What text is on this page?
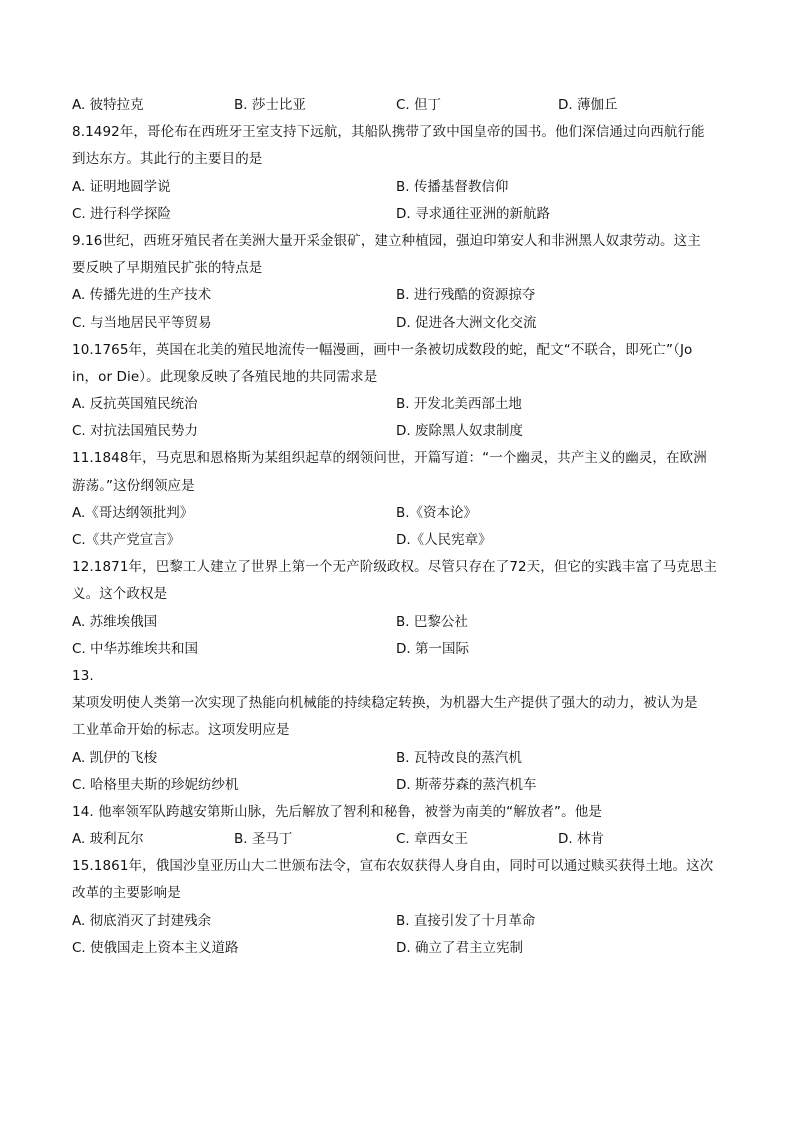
A. 彼特拉克	B. 莎士比亚	C. 但丁	D. 薄伽丘
8.1492年，哥伦布在西班牙王室支持下远航，其船队携带了致中国皇帝的国书。他们深信通过向西航行能
到达东方。其此行的主要目的是
A. 证明地圆学说	B. 传播基督教信仰
C. 进行科学探险	D. 寻求通往亚洲的新航路
9.16世纪，西班牙殖民者在美洲大量开采金银矿，建立种植园，强迫印第安人和非洲黑人奴隶劳动。这主
要反映了早期殖民扩张的特点是
A. 传播先进的生产技术	B. 进行残酷的资源掠夺
C. 与当地居民平等贸易	D. 促进各大洲文化交流
10.1765年，英国在北美的殖民地流传一幅漫画，画中一条被切成数段的蛇，配文“不联合，即死亡”（Jo
in，or Die）。此现象反映了各殖民地的共同需求是
A. 反抗英国殖民统治	B. 开发北美西部土地
C. 对抗法国殖民势力	D. 废除黑人奴隶制度
11.1848年，马克思和恩格斯为某组织起草的纲领问世，开篇写道：“一个幽灵，共产主义的幽灵，在欧洲
游荡。”这份纲领应是
A.《哥达纲领批判》	B.《资本论》
C.《共产党宣言》	D.《人民宪章》
12.1871年，巴黎工人建立了世界上第一个无产阶级政权。尽管只存在了72天，但它的实践丰富了马克思主
义。这个政权是
A. 苏维埃俄国	B. 巴黎公社
C. 中华苏维埃共和国	D. 第一国际
13.
某项发明使人类第一次实现了热能向机械能的持续稳定转换，为机器大生产提供了强大的动力，被认为是
工业革命开始的标志。这项发明应是
A. 凯伊的飞梭	B. 瓦特改良的蒸汽机
C. 哈格里夫斯的珍妮纺纱机	D. 斯蒂芬森的蒸汽机车
14. 他率领军队跨越安第斯山脉，先后解放了智利和秘鲁，被誉为南美的“解放者”。他是
A. 玻利瓦尔	B. 圣马丁	C. 章西女王	D. 林肯
15.1861年，俄国沙皇亚历山大二世颁布法令，宣布农奴获得人身自由，同时可以通过赎买获得土地。这次
改革的主要影响是
A. 彻底消灭了封建残余	B. 直接引发了十月革命
C. 使俄国走上资本主义道路	D. 确立了君主立宪制
